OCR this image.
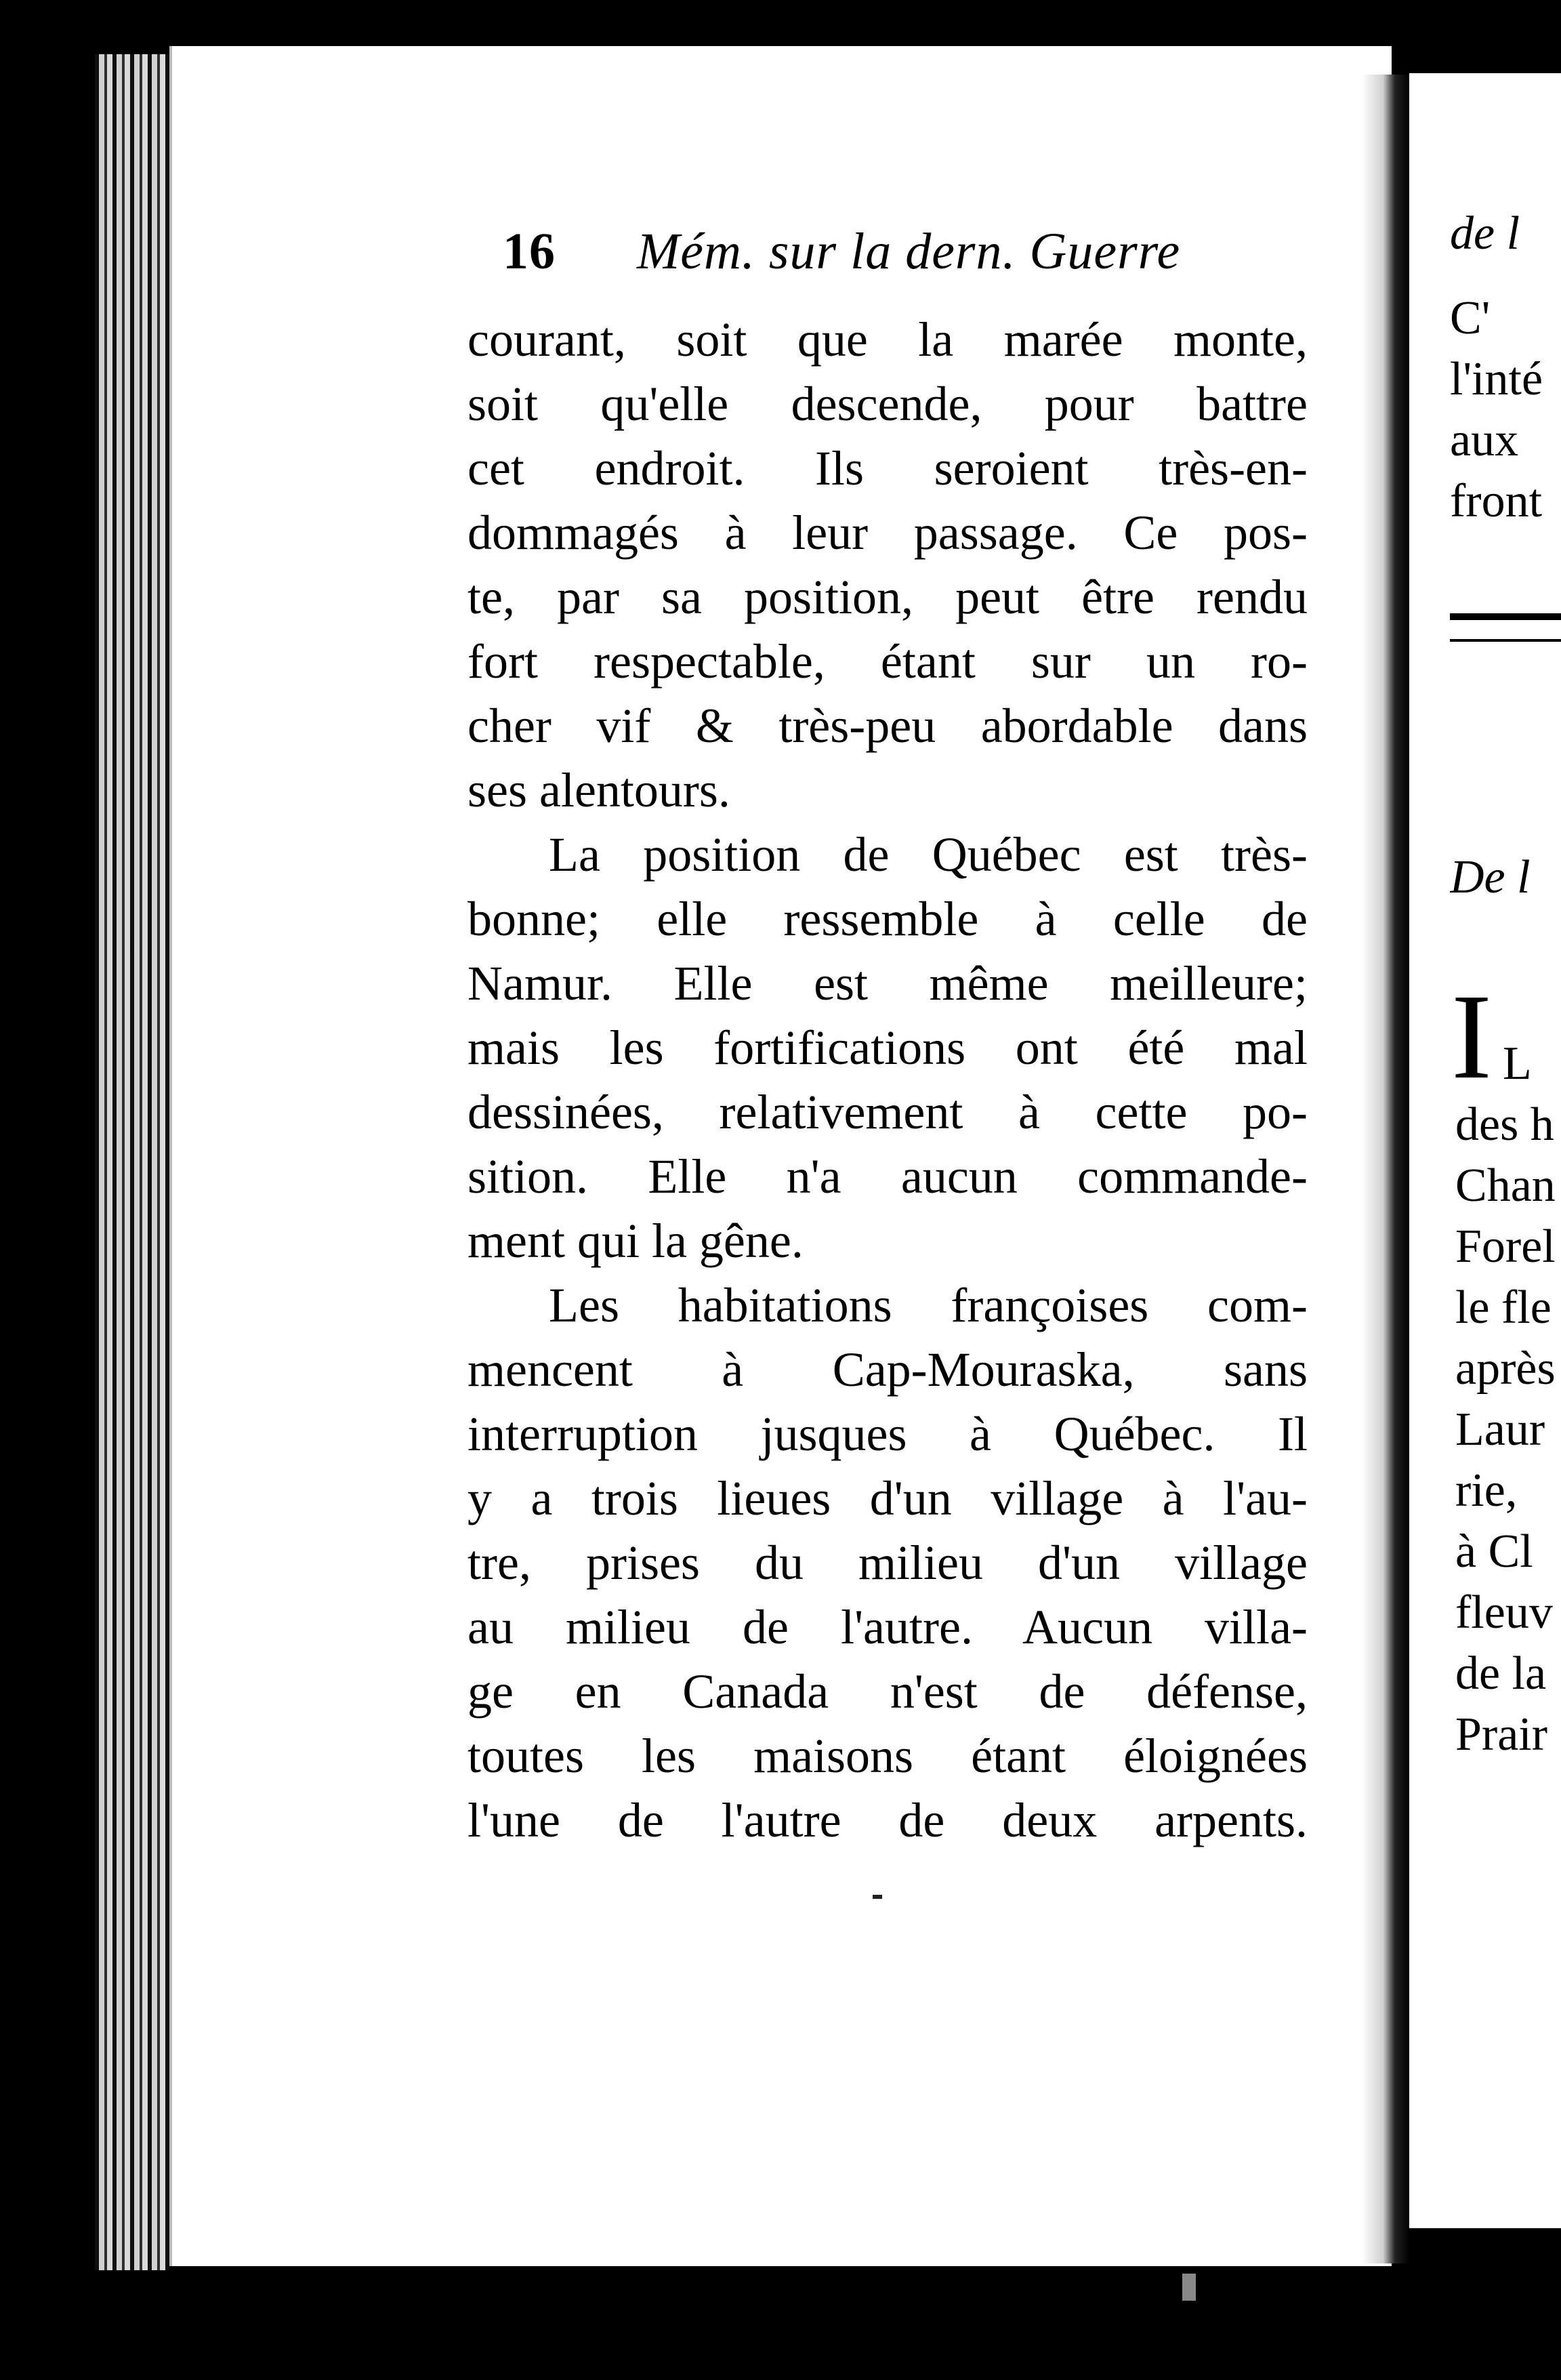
16 Mém. sur la dern. Guerre
courant, soit que la marée monte,
soit qu'elle descende, pour battre
cet endroit. Ils seroient très-en-
dommagés à leur passage. Ce pos-
te, par sa position, peut être rendu
fort respectable, étant sur un ro-
cher vif & très-peu abordable dans
ses alentours.
La position de Québec est très-
bonne; elle ressemble à celle de
Namur. Elle est même meilleure;
mais les fortifications ont été mal
dessinées, relativement à cette po-
sition. Elle n'a aucun commande-
ment qui la gêne.
Les habitations françoises com-
mencent à Cap-Mouraska, sans
interruption jusques à Québec. Il
y a trois lieues d'un village à l'au-
tre, prises du milieu d'un village
au milieu de l'autre. Aucun villa-
ge en Canada n'est de défense,
toutes les maisons étant éloignées
l'une de l'autre de deux arpents.
de l
C'
l'inté
aux
front
De l
I L
des h
Chan
Forel
le fle
après
Laur
rie,
à Cl
fleuv
de la
Prair
